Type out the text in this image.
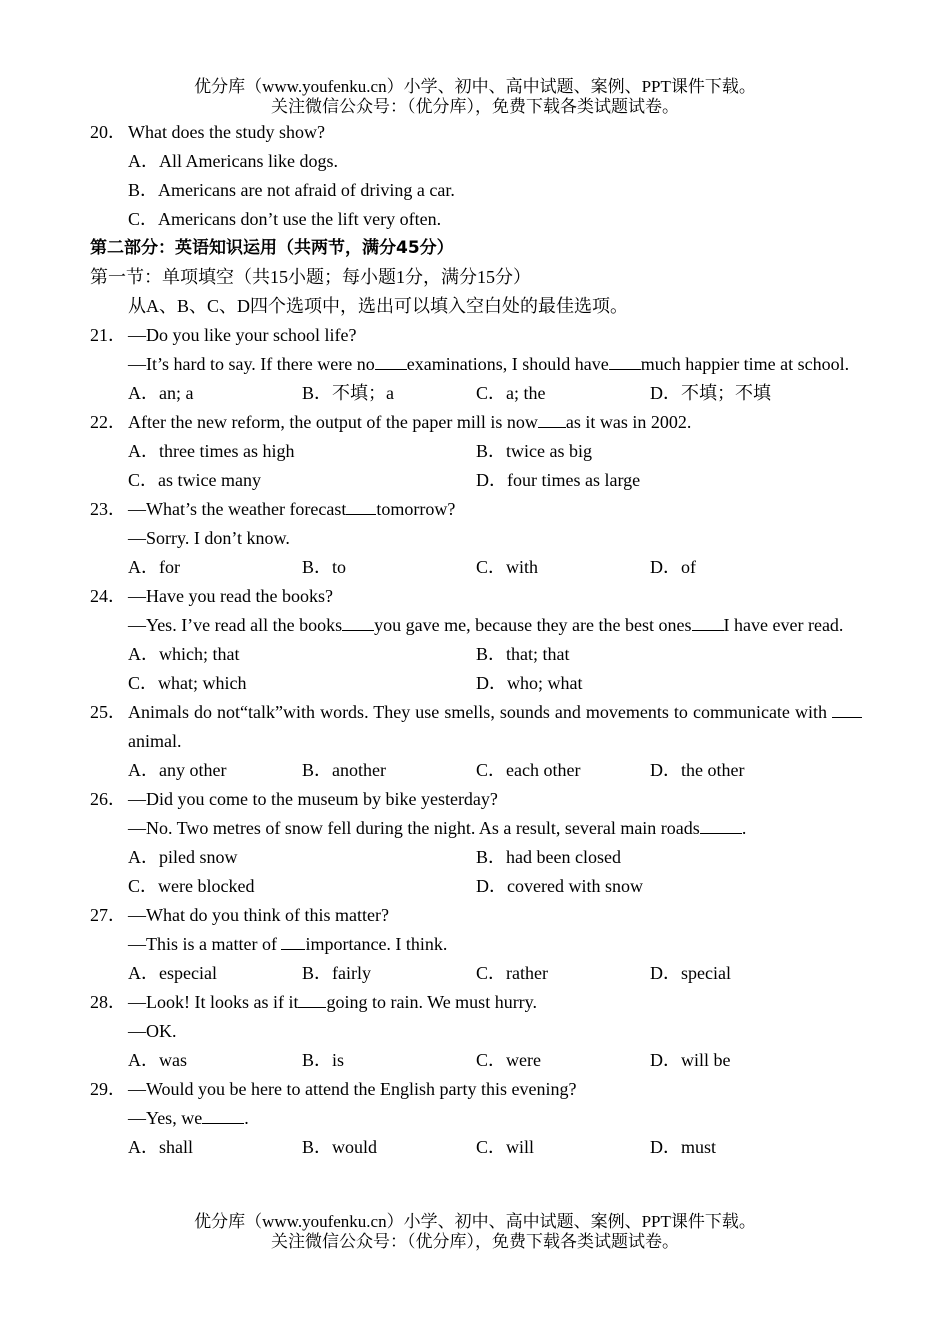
优分库（www.youfenku.cn）小学、初中、高中试题、案例、PPT课件下载。
关注微信公众号：（优分库），免费下载各类试题试卷。
20． What does the study show?
A．All Americans like dogs.
B．Americans are not afraid of driving a car.
C．Americans don’t use the lift very often.
第二部分：英语知识运用（共两节，满分45分）
第一节：单项填空（共15小题；每小题1分，满分15分）
从A、B、C、D四个选项中，选出可以填入空白处的最佳选项。
21． —Do you like your school life?
—It’s hard to say. If there were no examinations, I should have much happier time at school.
A．an; a	B．不填；a	C．a; the	D．不填；不填
22． After the new reform, the output of the paper mill is now as it was in 2002.
A．three times as high	B．twice as big
C．as twice many	D．four times as large
23． —What’s the weather forecast tomorrow?
—Sorry. I don’t know.
A．for	B．to	C．with	D．of
24． —Have you read the books?
—Yes. I’ve read all the books you gave me, because they are the best ones I have ever read.
A．which; that	B．that; that
C．what; which	D．who; what
25． Animals do not“talk”with words. They use smells, sounds and movements to communicate with animal.
A．any other	B．another	C．each other	D．the other
26． —Did you come to the museum by bike yesterday?
—No. Two metres of snow fell during the night. As a result, several main roads .
A．piled snow	B．had been closed
C．were blocked	D．covered with snow
27． —What do you think of this matter?
—This is a matter of importance. I think.
A．especial	B．fairly	C．rather	D．special
28． —Look! It looks as if it going to rain. We must hurry.
—OK.
A．was	B．is	C．were	D．will be
29． —Would you be here to attend the English party this evening?
—Yes, we .
A．shall	B．would	C．will	D．must
优分库（www.youfenku.cn）小学、初中、高中试题、案例、PPT课件下载。
关注微信公众号：（优分库），免费下载各类试题试卷。
